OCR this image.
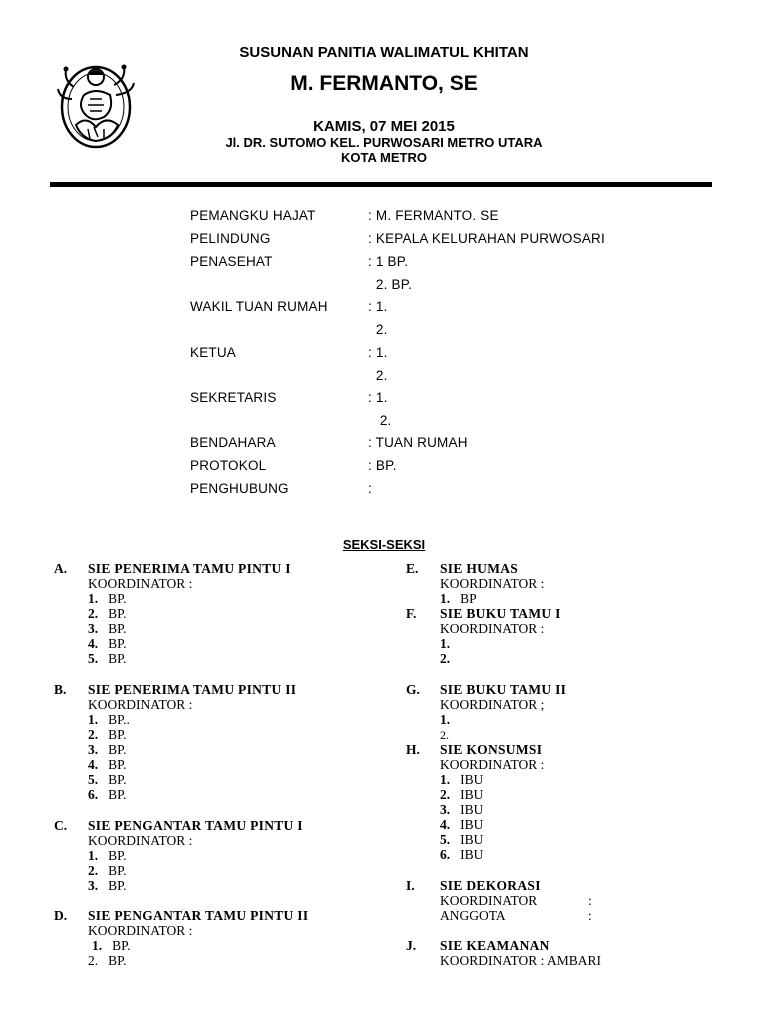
SUSUNAN PANITIA WALIMATUL KHITAN
M. FERMANTO, SE
KAMIS, 07 MEI 2015
Jl. DR. SUTOMO KEL. PURWOSARI METRO UTARA
KOTA METRO
PEMANGKU HAJAT	: M. FERMANTO. SE
PELINDUNG	: KEPALA KELURAHAN PURWOSARI
PENASEHAT	: 1 BP.
2. BP.
WAKIL TUAN RUMAH	: 1.
2.
KETUA	: 1.
2.
SEKRETARIS	: 1.
2.
BENDAHARA	: TUAN RUMAH
PROTOKOL	: BP.
PENGHUBUNG	:
SEKSI-SEKSI
A. SIE PENERIMA TAMU PINTU I
KOORDINATOR :
1. BP.
2. BP.
3. BP.
4. BP.
5. BP.
B. SIE PENERIMA TAMU PINTU II
KOORDINATOR :
1. BP..
2. BP.
3. BP.
4. BP.
5. BP.
6. BP.
C. SIE PENGANTAR TAMU PINTU I
KOORDINATOR :
1. BP.
2. BP.
3. BP.
D. SIE PENGANTAR TAMU PINTU II
KOORDINATOR :
1. BP.
2. BP.
E. SIE HUMAS
KOORDINATOR :
1. BP
F. SIE BUKU TAMU I
KOORDINATOR :
1.
2.
G. SIE BUKU TAMU II
KOORDINATOR ;
1.
2.
H. SIE KONSUMSI
KOORDINATOR :
1. IBU
2. IBU
3. IBU
4. IBU
5. IBU
6. IBU
I. SIE DEKORASI
KOORDINATOR	:
ANGGOTA	:
J. SIE KEAMANAN
KOORDINATOR : AMBARI
